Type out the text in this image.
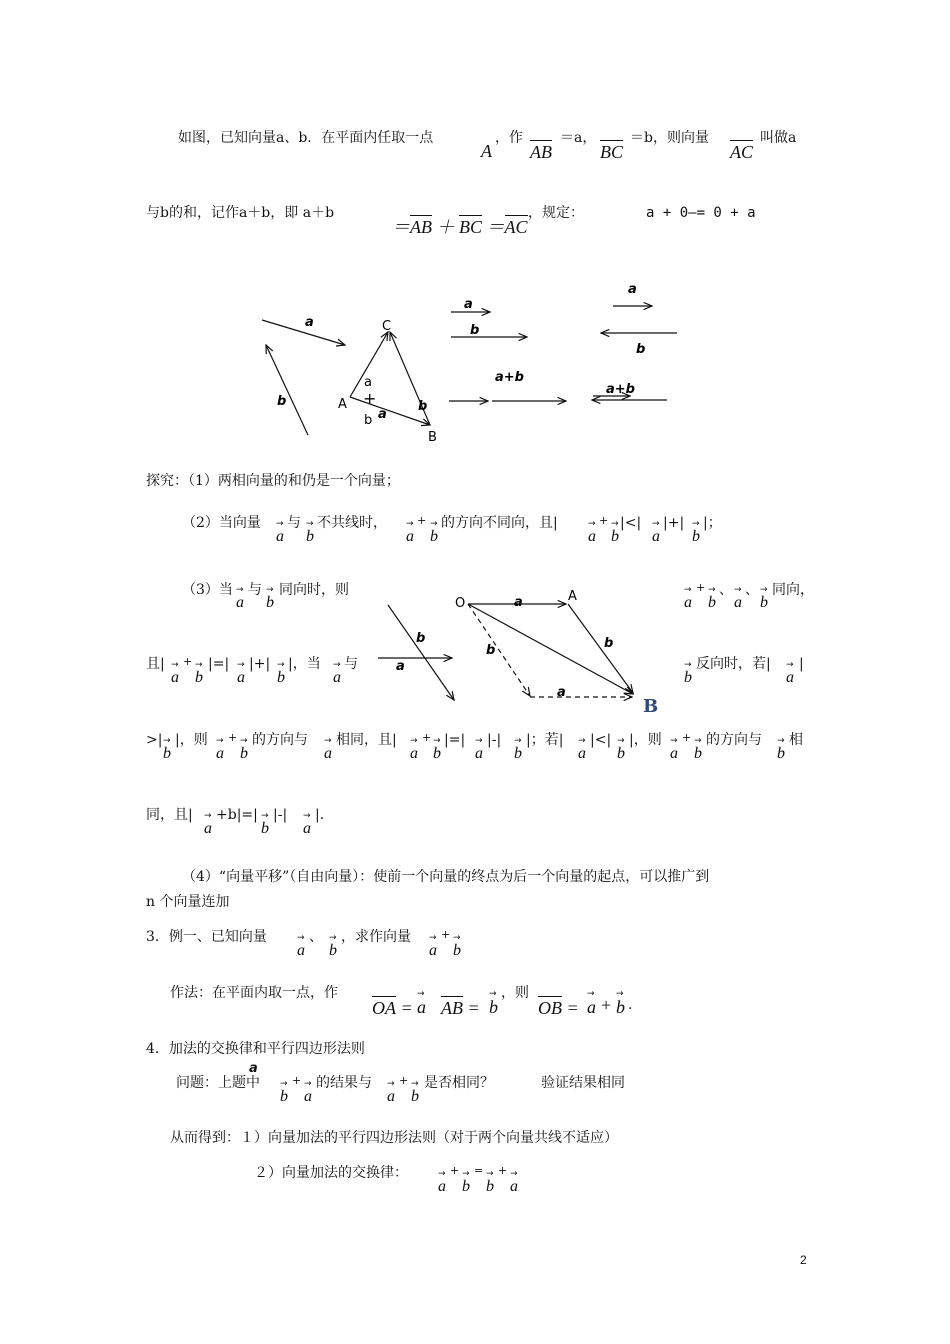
如图，已知向量a、b．在平面内任取一点
A
，作
AB
＝a，
BC
＝b，则向量
AC
叫做a
与b的和，记作a＋b，即 a＋b
＝AB ＋ BC ＝AC
，规定：	a + 0―= 0 + a
a
b
C
A
B
a
+
b a
b
a
b
a
b
a+b
a+b
探究：（1）两相向量的和仍是一个向量；
（2）当向量 →
a
与 →
b
不共线时， →
a
+ →
b
的方向不同向，且|	→
a
+ →
b
|<| →
a
|+| →
b
|；
（3）当 →
a
与 →
b
同向时，则	→
a
+ →
b
、 →
a
、 →
b
同向，
O	A
B
a
b
b
a
b
a
且| →
a
+ →
b
|=| →
a
|+| →
b
|，当 →
a
与	→
b
反向时，若| →
a
|
>| →
b
|，则 →
a
+ →
b
的方向与 →
a
相同，且| →
a
+ →
b
|=| →
a
|-| →
b
|；若| →
a
|<| →
b
|，则 →
a
+ →
b
的方向与 →
b
相
同，且| →
a
+b|=| →
b
|-| →
a
|.
（4）“向量平移”（自由向量）：使前一个向量的终点为后一个向量的起点，可以推广到
n 个向量连加
3．例一、已知向量	→
a
、 →
b
，求作向量 →
a
+ →
b
作法：在平面内取一点，作
OA =
→
a AB =
→
b
，则
OB =
→
a +
→
b .
4．加法的交换律和平行四边形法则
a
问题：上题中 →
b
+ →
a
的结果与 →
a
+ →
b
是否相同？	验证结果相同
从而得到：１）向量加法的平行四边形法则（对于两个向量共线不适应）
２）向量加法的交换律：	→
a
+ →
b
= →
b
+ →
a
2
